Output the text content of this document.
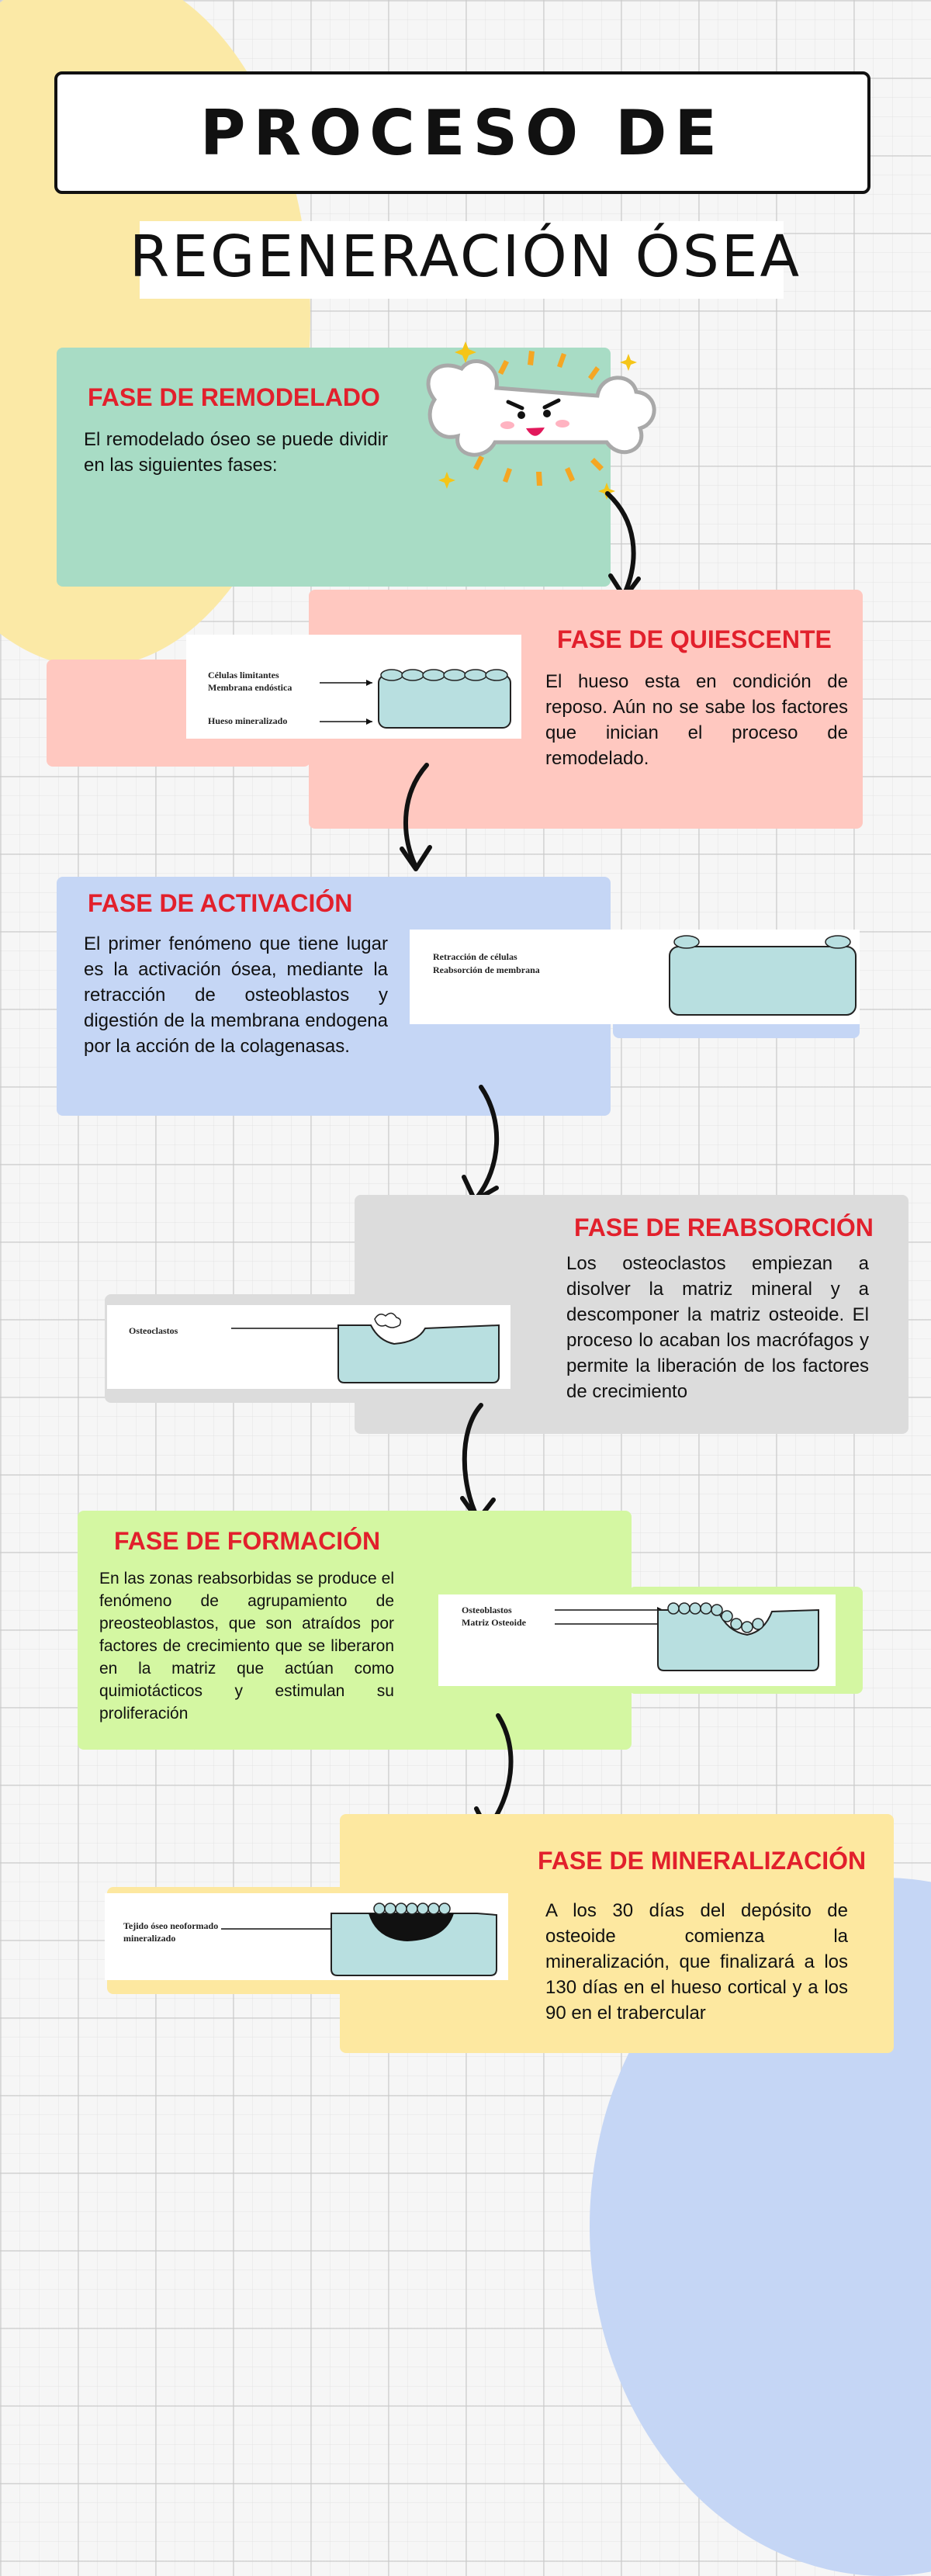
PROCESO DE
REGENERACIÓN ÓSEA
FASE DE REMODELADO
El remodelado óseo se puede dividir en las siguientes fases:
FASE DE QUIESCENTE
El hueso esta en condición de reposo. Aún no se sabe los factores que inician el proceso de remodelado.
Células limitantes
Membrana endóstica
Hueso mineralizado
FASE DE ACTIVACIÓN
El primer fenómeno que tiene lugar es la activación ósea, mediante la retracción de osteoblastos y digestión de la membrana endogena por la acción de la colagenasas.
Retracción de células
Reabsorción de membrana
FASE DE REABSORCIÓN
Los osteoclastos empiezan a disolver la matriz mineral y a descomponer la matriz osteoide. El proceso lo acaban los macrófagos y permite la liberación de los factores de crecimiento
Osteoclastos
FASE DE FORMACIÓN
En las zonas reabsorbidas se produce el fenómeno de agrupamiento de preosteoblastos, que son atraídos por factores de crecimiento que se liberaron en la matriz que actúan como quimiotácticos y estimulan su proliferación
Osteoblastos
Matriz Osteoide
FASE DE MINERALIZACIÓN
A los 30 días del depósito de osteoide comienza la mineralización, que finalizará a los 130 días en el hueso cortical y a los 90 en el trabercular
Tejido óseo neoformado
mineralizado
